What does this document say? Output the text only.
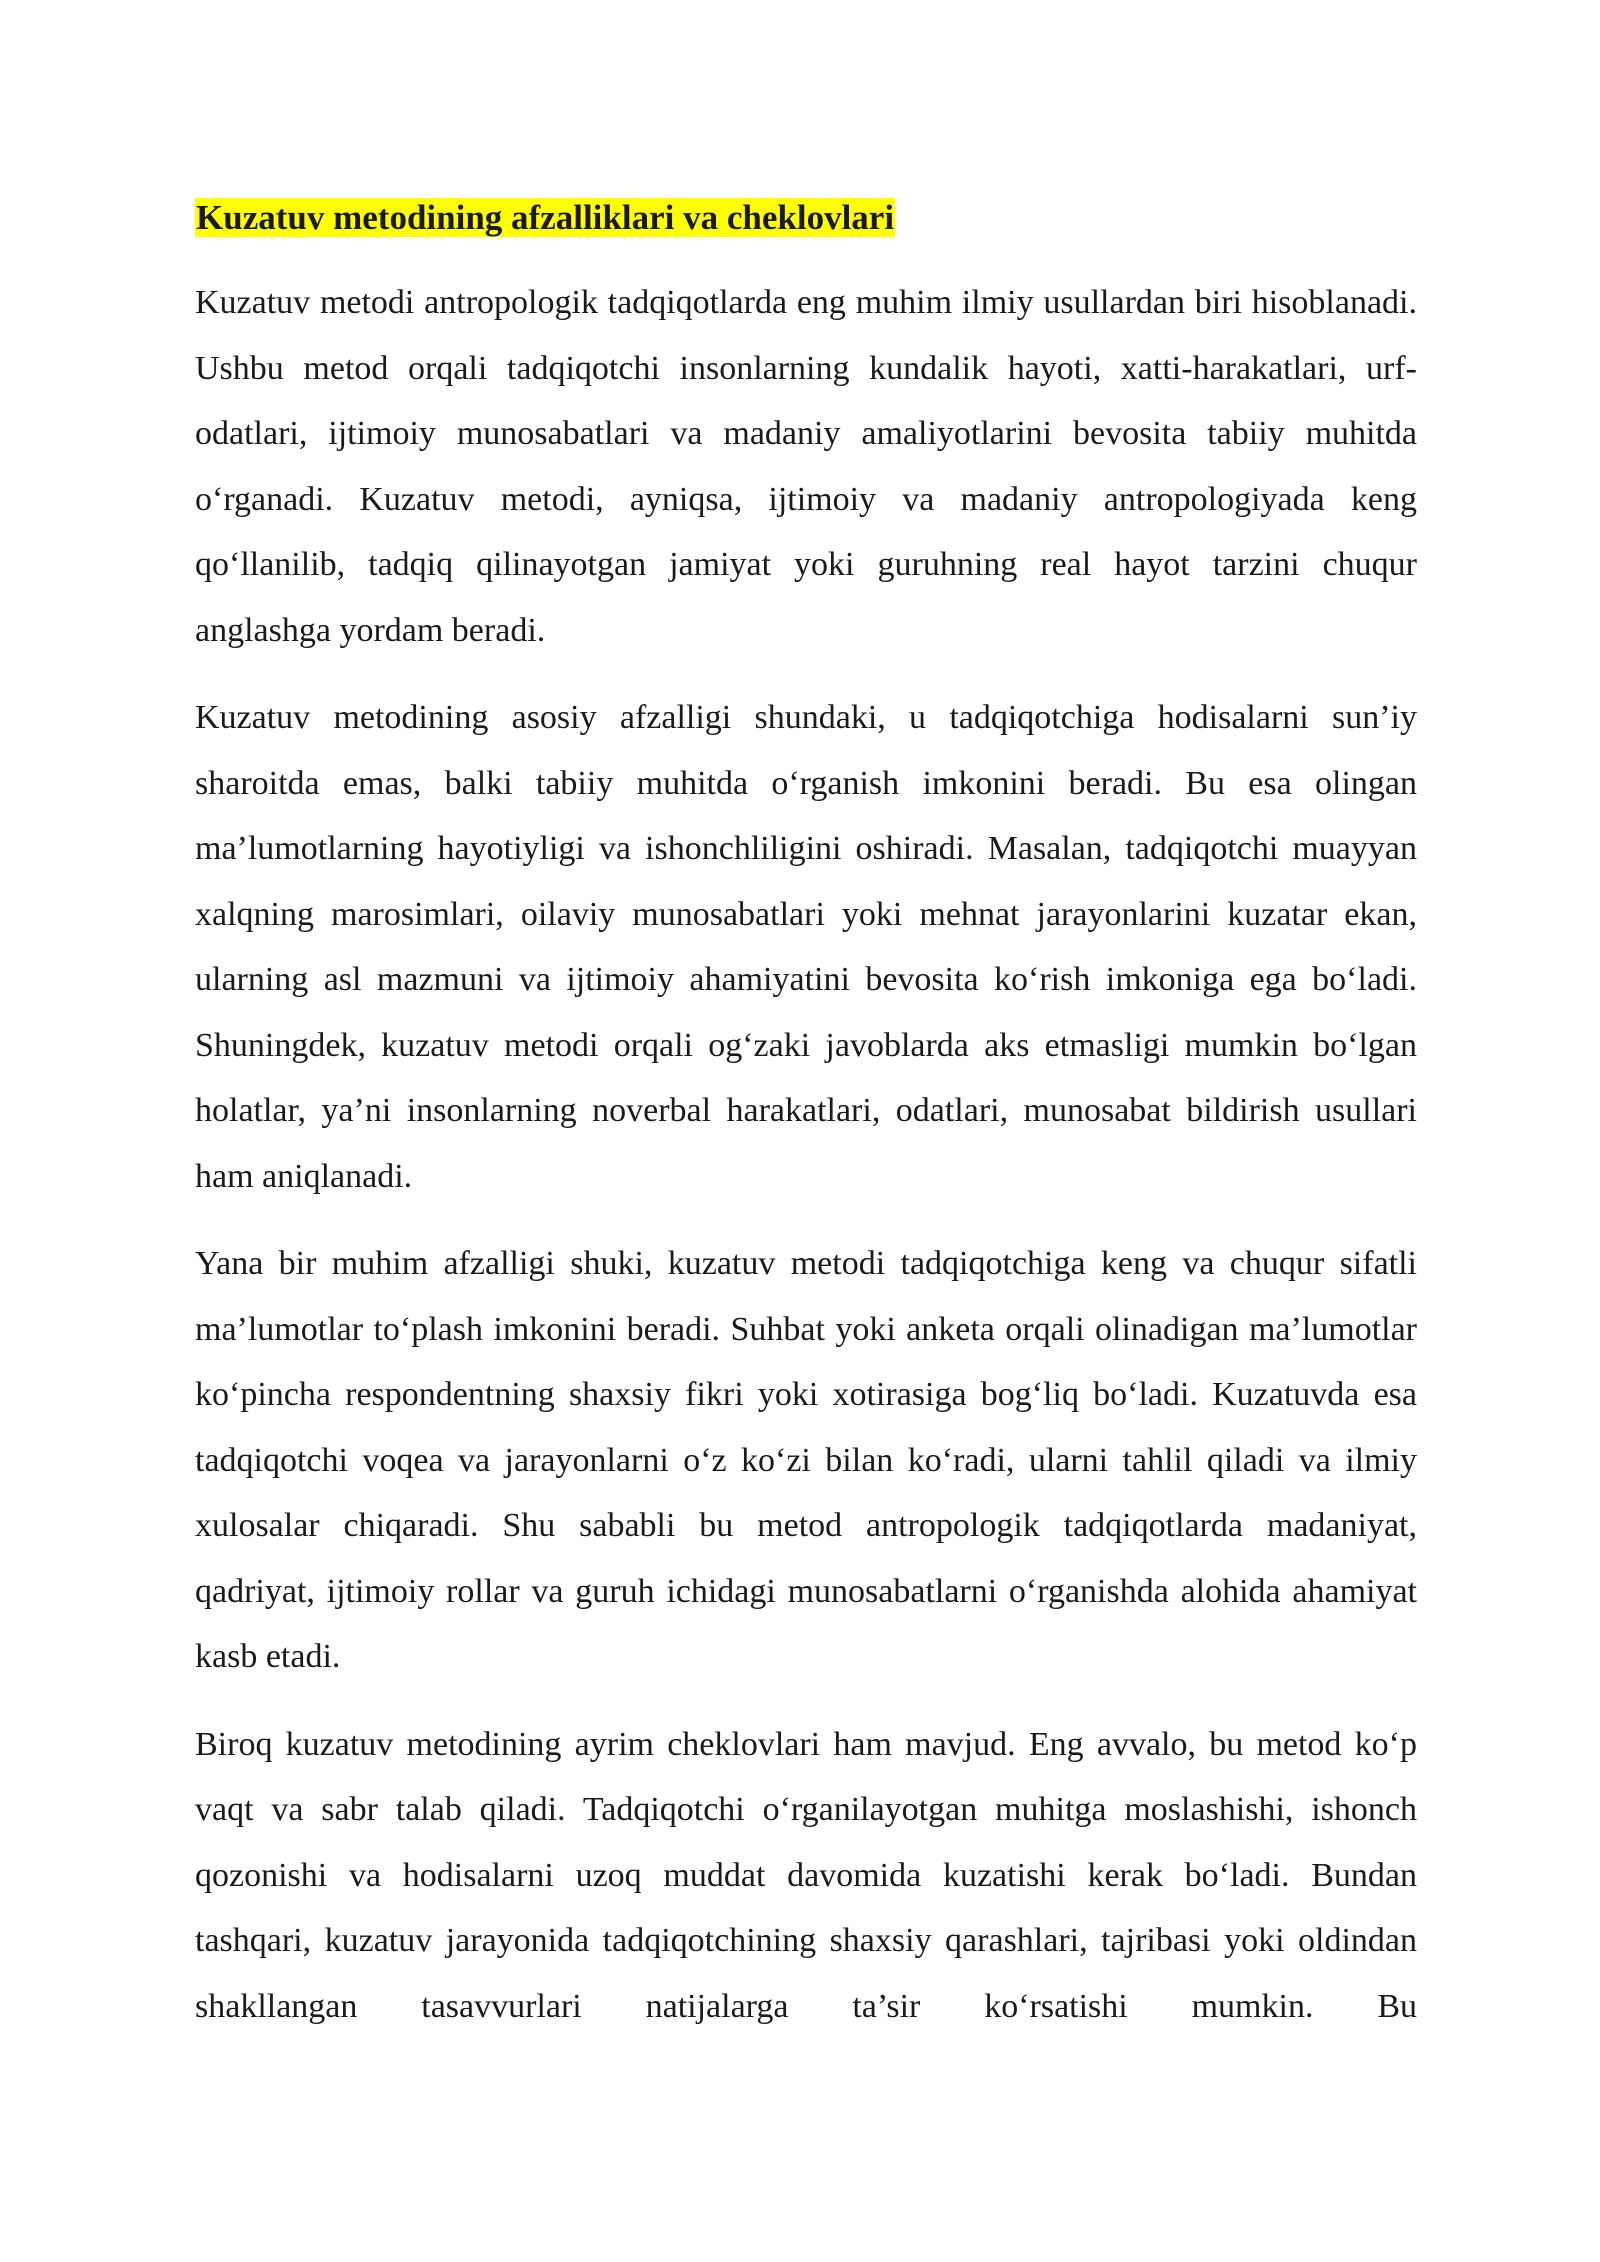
Kuzatuv metodining afzalliklari va cheklovlari

Kuzatuv metodi antropologik tadqiqotlarda eng muhim ilmiy usullardan biri hisoblanadi. Ushbu metod orqali tadqiqotchi insonlarning kundalik hayoti, xatti-harakatlari, urf-odatlari, ijtimoiy munosabatlari va madaniy amaliyotlarini bevosita tabiiy muhitda o‘rganadi. Kuzatuv metodi, ayniqsa, ijtimoiy va madaniy antropologiyada keng qo‘llanilib, tadqiq qilinayotgan jamiyat yoki guruhning real hayot tarzini chuqur anglashga yordam beradi.

Kuzatuv metodining asosiy afzalligi shundaki, u tadqiqotchiga hodisalarni sun’iy sharoitda emas, balki tabiiy muhitda o‘rganish imkonini beradi. Bu esa olingan ma’lumotlarning hayotiyligi va ishonchliligini oshiradi. Masalan, tadqiqotchi muayyan xalqning marosimlari, oilaviy munosabatlari yoki mehnat jarayonlarini kuzatar ekan, ularning asl mazmuni va ijtimoiy ahamiyatini bevosita ko‘rish imkoniga ega bo‘ladi. Shuningdek, kuzatuv metodi orqali og‘zaki javoblarda aks etmasligi mumkin bo‘lgan holatlar, ya’ni insonlarning noverbal harakatlari, odatlari, munosabat bildirish usullari ham aniqlanadi.

Yana bir muhim afzalligi shuki, kuzatuv metodi tadqiqotchiga keng va chuqur sifatli ma’lumotlar to‘plash imkonini beradi. Suhbat yoki anketa orqali olinadigan ma’lumotlar ko‘pincha respondentning shaxsiy fikri yoki xotirasiga bog‘liq bo‘ladi. Kuzatuvda esa tadqiqotchi voqea va jarayonlarni o‘z ko‘zi bilan ko‘radi, ularni tahlil qiladi va ilmiy xulosalar chiqaradi. Shu sababli bu metod antropologik tadqiqotlarda madaniyat, qadriyat, ijtimoiy rollar va guruh ichidagi munosabatlarni o‘rganishda alohida ahamiyat kasb etadi.

Biroq kuzatuv metodining ayrim cheklovlari ham mavjud. Eng avvalo, bu metod ko‘p vaqt va sabr talab qiladi. Tadqiqotchi o‘rganilayotgan muhitga moslashishi, ishonch qozonishi va hodisalarni uzoq muddat davomida kuzatishi kerak bo‘ladi. Bundan tashqari, kuzatuv jarayonida tadqiqotchining shaxsiy qarashlari, tajribasi yoki oldindan shakllangan tasavvurlari natijalarga ta’sir ko‘rsatishi mumkin. Bu
